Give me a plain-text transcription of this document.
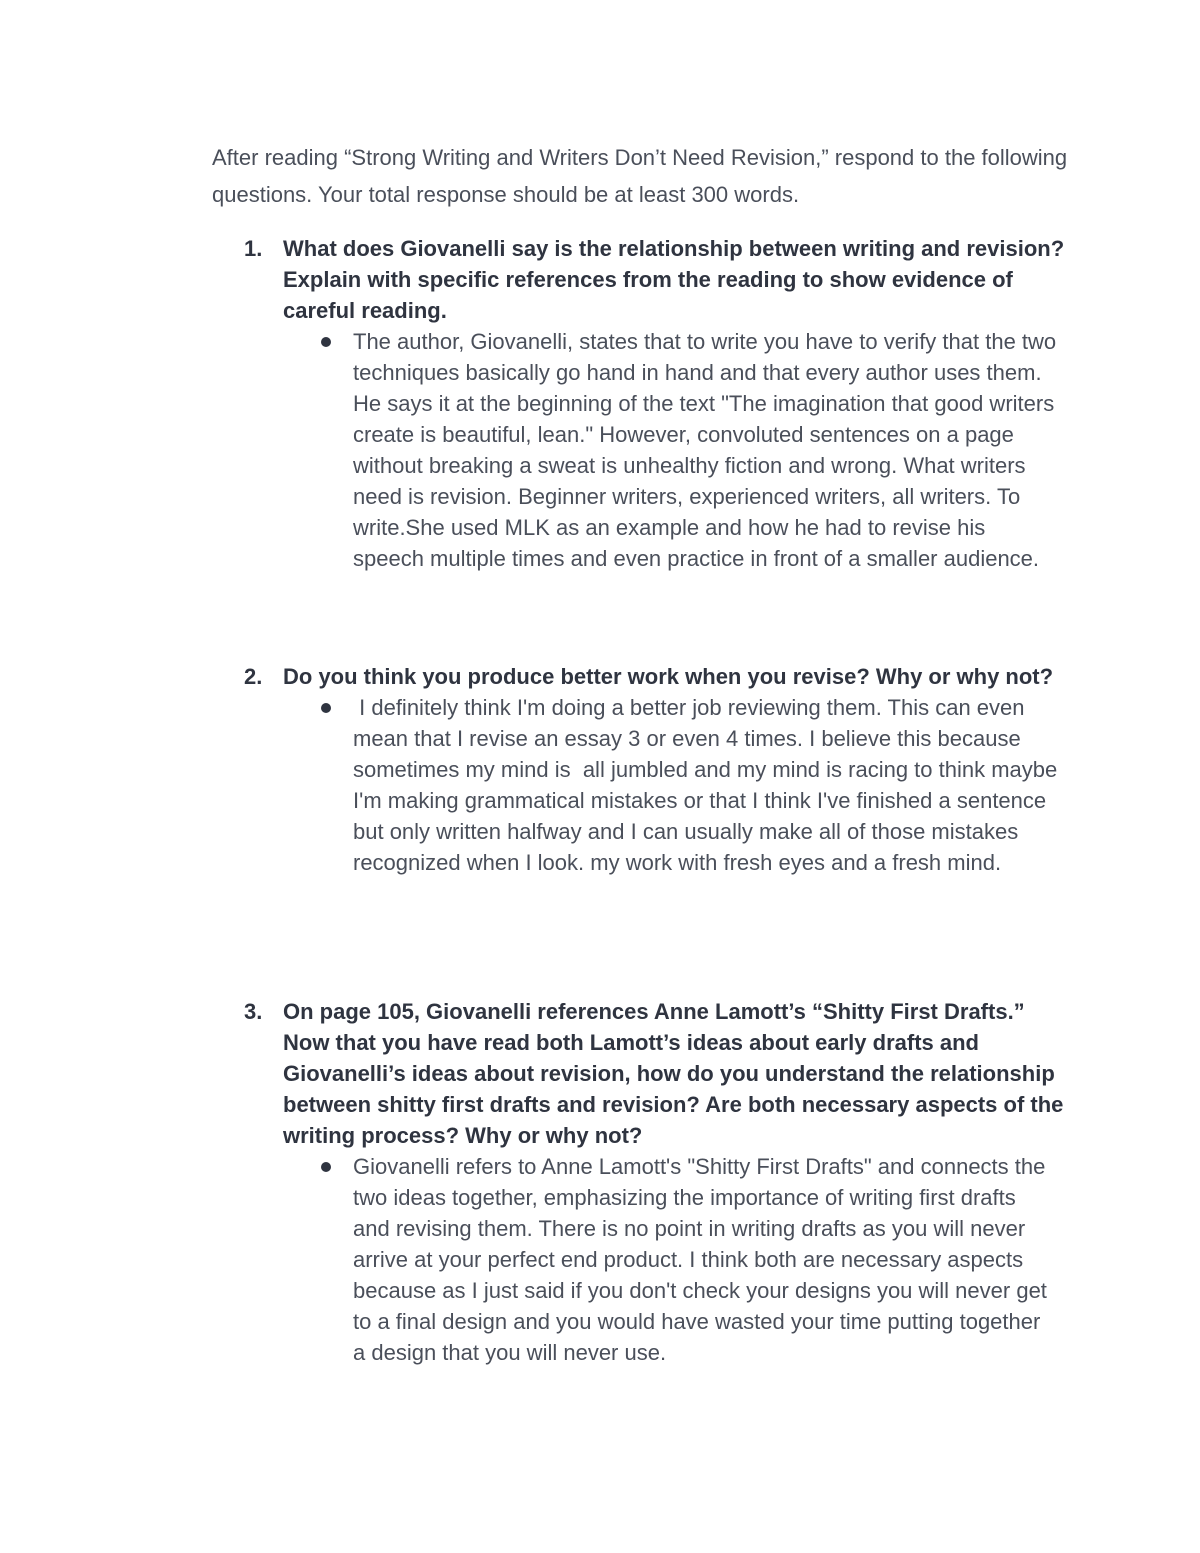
After reading “Strong Writing and Writers Don’t Need Revision,” respond to the following questions. Your total response should be at least 300 words.

1. What does Giovanelli say is the relationship between writing and revision? Explain with specific references from the reading to show evidence of careful reading.
The author, Giovanelli, states that to write you have to verify that the two techniques basically go hand in hand and that every author uses them. He says it at the beginning of the text "The imagination that good writers create is beautiful, lean." However, convoluted sentences on a page without breaking a sweat is unhealthy fiction and wrong. What writers need is revision. Beginner writers, experienced writers, all writers. To write.She used MLK as an example and how he had to revise his speech multiple times and even practice in front of a smaller audience.
2. Do you think you produce better work when you revise? Why or why not?
I definitely think I'm doing a better job reviewing them. This can even mean that I revise an essay 3 or even 4 times. I believe this because sometimes my mind is  all jumbled and my mind is racing to think maybe I'm making grammatical mistakes or that I think I've finished a sentence but only written halfway and I can usually make all of those mistakes recognized when I look. my work with fresh eyes and a fresh mind.
3. On page 105, Giovanelli references Anne Lamott’s “Shitty First Drafts.” Now that you have read both Lamott’s ideas about early drafts and Giovanelli’s ideas about revision, how do you understand the relationship between shitty first drafts and revision? Are both necessary aspects of the writing process? Why or why not?
Giovanelli refers to Anne Lamott's "Shitty First Drafts" and connects the two ideas together, emphasizing the importance of writing first drafts and revising them. There is no point in writing drafts as you will never arrive at your perfect end product. I think both are necessary aspects because as I just said if you don't check your designs you will never get to a final design and you would have wasted your time putting together a design that you will never use.
